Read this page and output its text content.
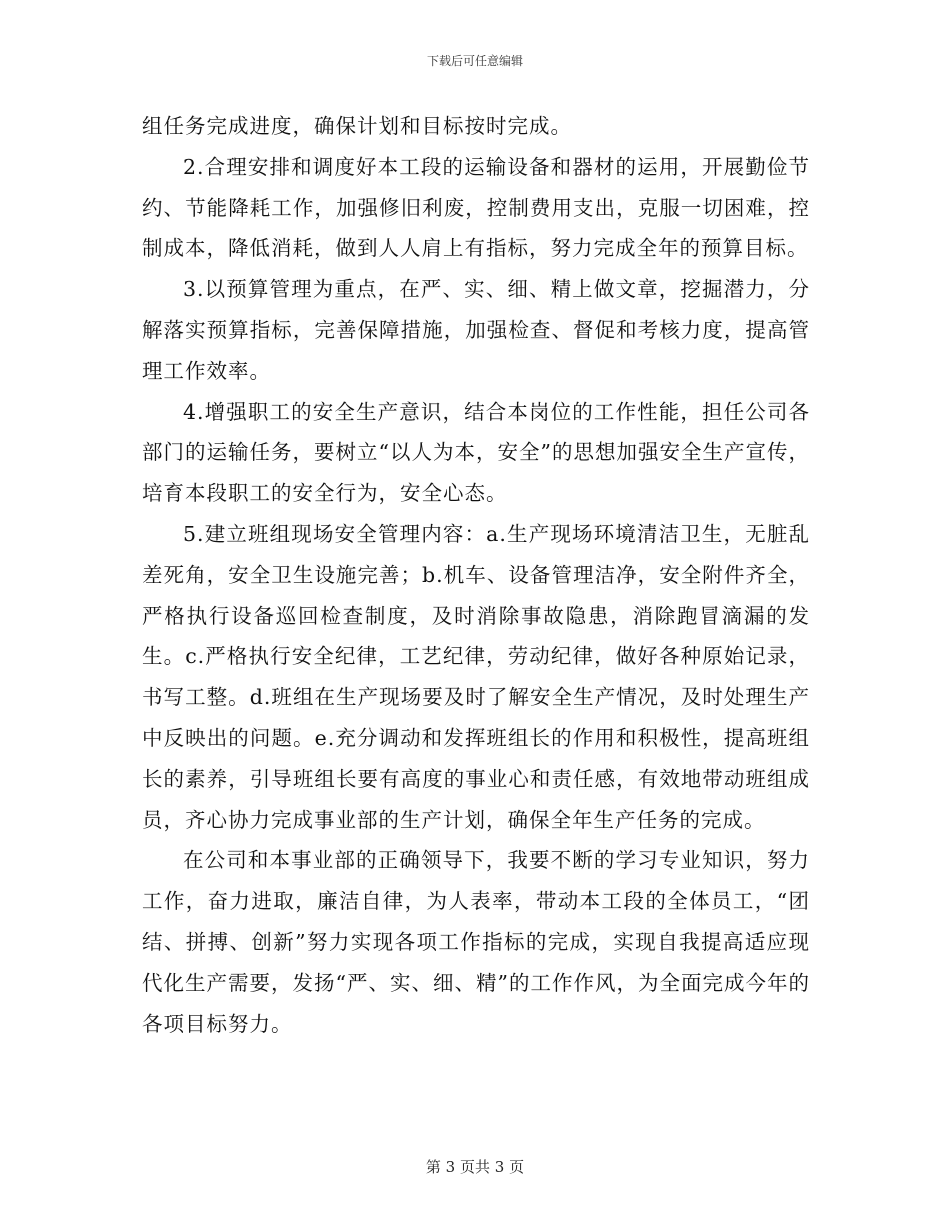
下载后可任意编辑

组任务完成进度，确保计划和目标按时完成。

2.合理安排和调度好本工段的运输设备和器材的运用，开展勤俭节约、节能降耗工作，加强修旧利废，控制费用支出，克服一切困难，控制成本，降低消耗，做到人人肩上有指标，努力完成全年的预算目标。

3.以预算管理为重点，在严、实、细、精上做文章，挖掘潜力，分解落实预算指标，完善保障措施，加强检查、督促和考核力度，提高管理工作效率。

4.增强职工的安全生产意识，结合本岗位的工作性能，担任公司各部门的运输任务，要树立“以人为本，安全”的思想加强安全生产宣传，培育本段职工的安全行为，安全心态。

5.建立班组现场安全管理内容：a.生产现场环境清洁卫生，无脏乱差死角，安全卫生设施完善；b.机车、设备管理洁净，安全附件齐全，严格执行设备巡回检查制度，及时消除事故隐患，消除跑冒滴漏的发生。c.严格执行安全纪律，工艺纪律，劳动纪律，做好各种原始记录，书写工整。d.班组在生产现场要及时了解安全生产情况，及时处理生产中反映出的问题。e.充分调动和发挥班组长的作用和积极性，提高班组长的素养，引导班组长要有高度的事业心和责任感，有效地带动班组成员，齐心协力完成事业部的生产计划，确保全年生产任务的完成。

在公司和本事业部的正确领导下，我要不断的学习专业知识，努力工作，奋力进取，廉洁自律，为人表率，带动本工段的全体员工，“团结、拼搏、创新”努力实现各项工作指标的完成，实现自我提高适应现代化生产需要，发扬“严、实、细、精”的工作作风，为全面完成今年的各项目标努力。

第 3 页共 3 页
